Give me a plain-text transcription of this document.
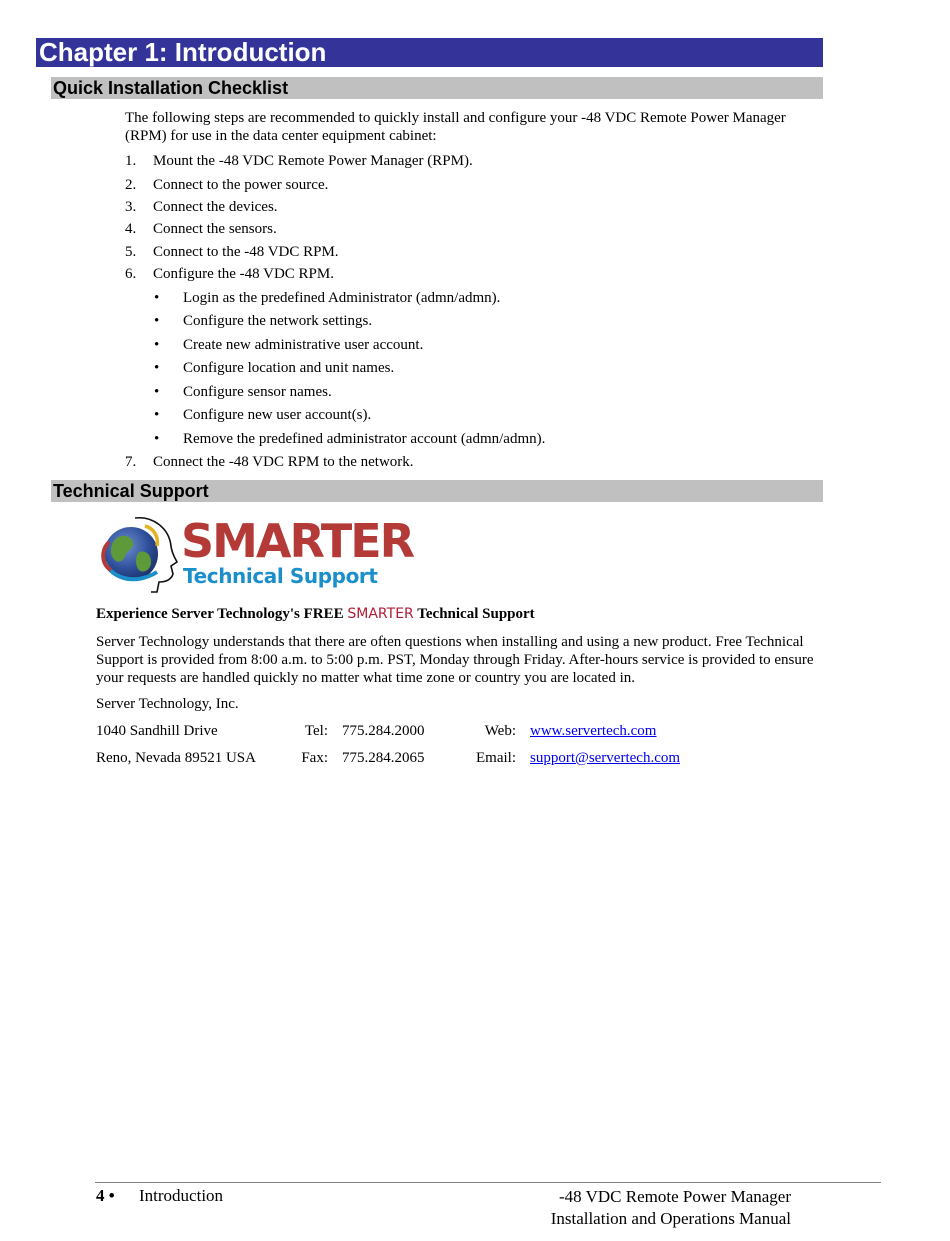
Chapter 1: Introduction
Quick Installation Checklist

The following steps are recommended to quickly install and configure your -48 VDC Remote Power Manager (RPM) for use in the data center equipment cabinet:

1. Mount the -48 VDC Remote Power Manager (RPM).
2. Connect to the power source.
3. Connect the devices.
4. Connect the sensors.
5. Connect to the -48 VDC RPM.
6. Configure the -48 VDC RPM.
• Login as the predefined Administrator (admn/admn).
• Configure the network settings.
• Create new administrative user account.
• Configure location and unit names.
• Configure sensor names.
• Configure new user account(s).
• Remove the predefined administrator account (admn/admn).
7. Connect the -48 VDC RPM to the network.
Technical Support
SMARTER
Technical Support
Experience Server Technology's FREE SMARTER Technical Support

Server Technology understands that there are often questions when installing and using a new product. Free Technical Support is provided from 8:00 a.m. to 5:00 p.m. PST, Monday through Friday. After-hours service is provided to ensure your requests are handled quickly no matter what time zone or country you are located in.

Server Technology, Inc.
1040 Sandhill Drive	Tel: 775.284.2000	Web: www.servertech.com
Reno, Nevada 89521 USA	Fax: 775.284.2065	Email: support@servertech.com
4 • Introduction	-48 VDC Remote Power Manager
Installation and Operations Manual
